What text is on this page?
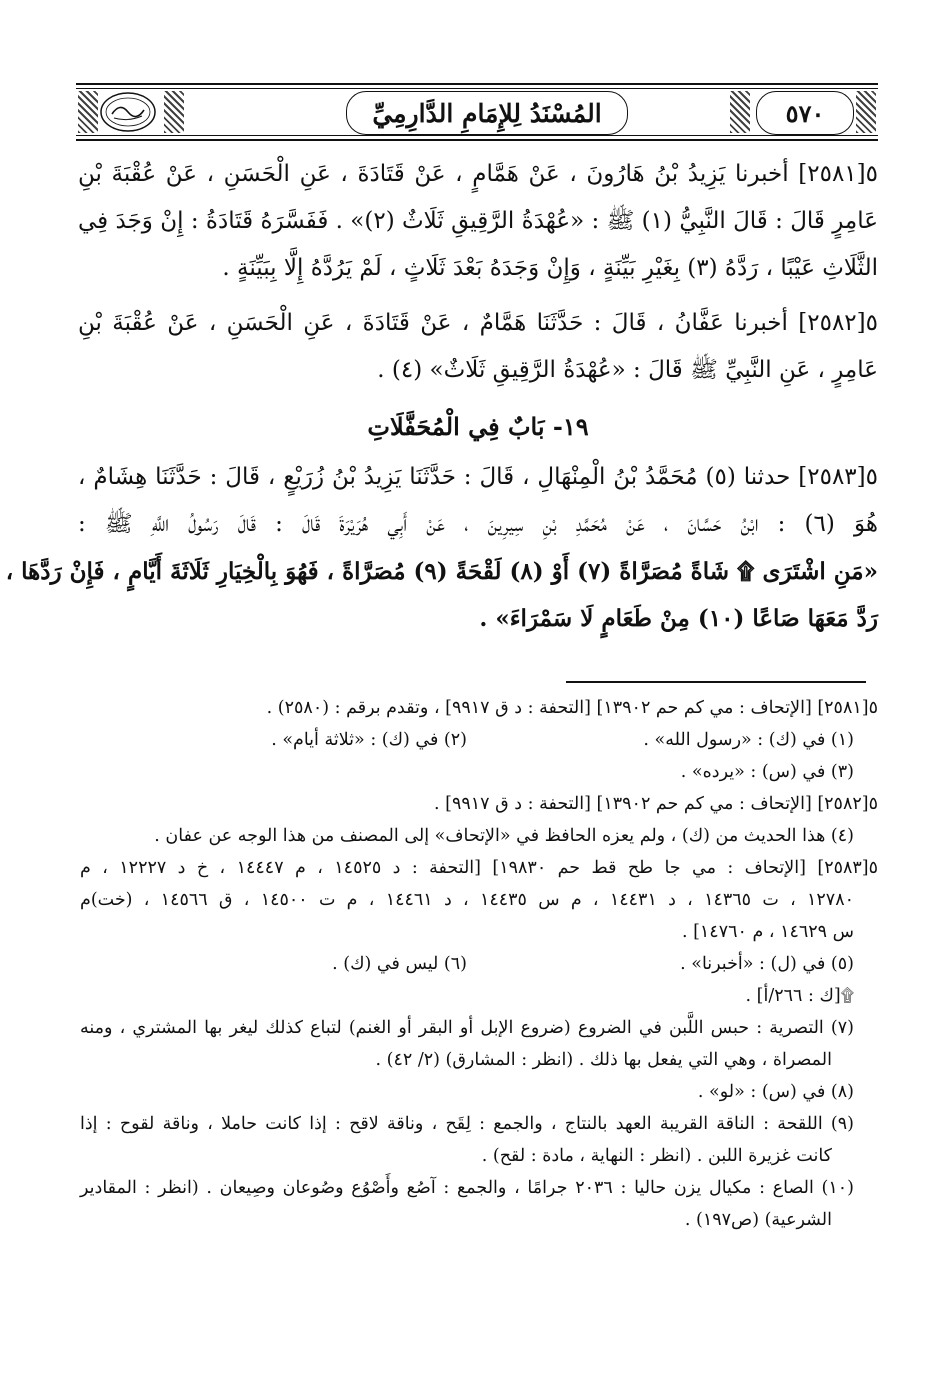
٥٧٠
المُسْنَدُ لِلإِمَامِ الدَّارِمِيِّ

٥[٢٥٨١] أخبرنا يَزِيدُ بْنُ هَارُونَ ، عَنْ هَمَّامٍ ، عَنْ قَتَادَةَ ، عَنِ الْحَسَنِ ، عَنْ عُقْبَةَ بْنِ
عَامِرٍ قَالَ : قَالَ النَّبِيُّ (١) ﷺ : «عُهْدَةُ الرَّقِيقِ ثَلَاثٌ (٢)» . فَفَسَّرَهُ قَتَادَةُ : إِنْ وَجَدَ فِي
الثَّلَاثِ عَيْبًا ، رَدَّهُ (٣) بِغَيْرِ بَيِّنَةٍ ، وَإِنْ وَجَدَهُ بَعْدَ ثَلَاثٍ ، لَمْ يَرُدَّهُ إِلَّا بِبَيِّنَةٍ .

٥[٢٥٨٢] أخبرنا عَفَّانُ ، قَالَ : حَدَّثَنَا هَمَّامٌ ، عَنْ قَتَادَةَ ، عَنِ الْحَسَنِ ، عَنْ عُقْبَةَ بْنِ
عَامِرٍ ، عَنِ النَّبِيِّ ﷺ قَالَ : «عُهْدَةُ الرَّقِيقِ ثَلَاثٌ» (٤) .

١٩- بَابٌ فِي الْمُحَفَّلَاتِ

٥[٢٥٨٣] حدثنا (٥) مُحَمَّدُ بْنُ الْمِنْهَالِ ، قَالَ : حَدَّثَنَا يَزِيدُ بْنُ زُرَيْعٍ ، قَالَ : حَدَّثَنَا هِشَامٌ ،
هُوَ (٦) : ابْنُ حَسَّانَ ، عَنْ مُحَمَّدِ بْنِ سِيرِينَ ، عَنْ أَبِي هُرَيْرَةَ قَالَ : قَالَ رَسُولُ اللَّهِ ﷺ :
«مَنِ اشْتَرَى ۩ شَاةً مُصَرَّاةً (٧) أَوْ (٨) لَقْحَةً (٩) مُصَرَّاةً ، فَهُوَ بِالْخِيَارِ ثَلَاثَةَ أَيَّامٍ ، فَإِنْ رَدَّهَا ،
رَدَّ مَعَهَا صَاعًا (١٠) مِنْ طَعَامٍ لَا سَمْرَاءَ» .

٥[٢٥٨١] [الإتحاف : مي كم حم ١٣٩٠٢] [التحفة : د ق ٩٩١٧] ، وتقدم برقم : (٢٥٨٠) .
(١) في (ك) : «رسول الله» .
(٢) في (ك) : «ثلاثة أيام» .
(٣) في (س) : «يرده» .
٥[٢٥٨٢] [الإتحاف : مي كم حم ١٣٩٠٢] [التحفة : د ق ٩٩١٧] .
(٤) هذا الحديث من (ك) ، ولم يعزه الحافظ في «الإتحاف» إلى المصنف من هذا الوجه عن عفان .
٥[٢٥٨٣] [الإتحاف : مي جا طح قط حم ١٩٨٣٠] [التحفة : د ١٤٥٢٥ ، م ١٤٤٤٧ ، خ د ١٢٢٢٧ ، م
١٢٧٨٠ ، ت ١٤٣٦٥ ، د ١٤٤٣١ ، م س ١٤٤٣٥ ، د ١٤٤٦١ ، م ت ١٤٥٠٠ ، ق ١٤٥٦٦ ، (خت)م
س ١٤٦٢٩ ، م ١٤٧٦٠] .
(٥) في (ل) : «أخبرنا» .
(٦) ليس في (ك) .
۩[ك : ٢٦٦/أ] .
(٧) التصرية : حبس اللَّبن في الضروع (ضروع الإبل أو البقر أو الغنم) لتباع كذلك ليغر بها المشتري ، ومنه
المصراة ، وهي التي يفعل بها ذلك . (انظر : المشارق) (٢/ ٤٢) .
(٨) في (س) : «لو» .
(٩) اللقحة : الناقة القريبة العهد بالنتاج ، والجمع : لِقَح ، وناقة لاقح : إذا كانت حاملا ، وناقة لقوح : إذا
كانت غزيرة اللبن . (انظر : النهاية ، مادة : لقح) .
(١٠) الصاع : مكيال يزن حاليا : ٢٠٣٦ جرامًا ، والجمع : آصُع وأَصْوُع وصُوعان وصِيعان . (انظر : المقادير
الشرعية) (ص١٩٧) .
